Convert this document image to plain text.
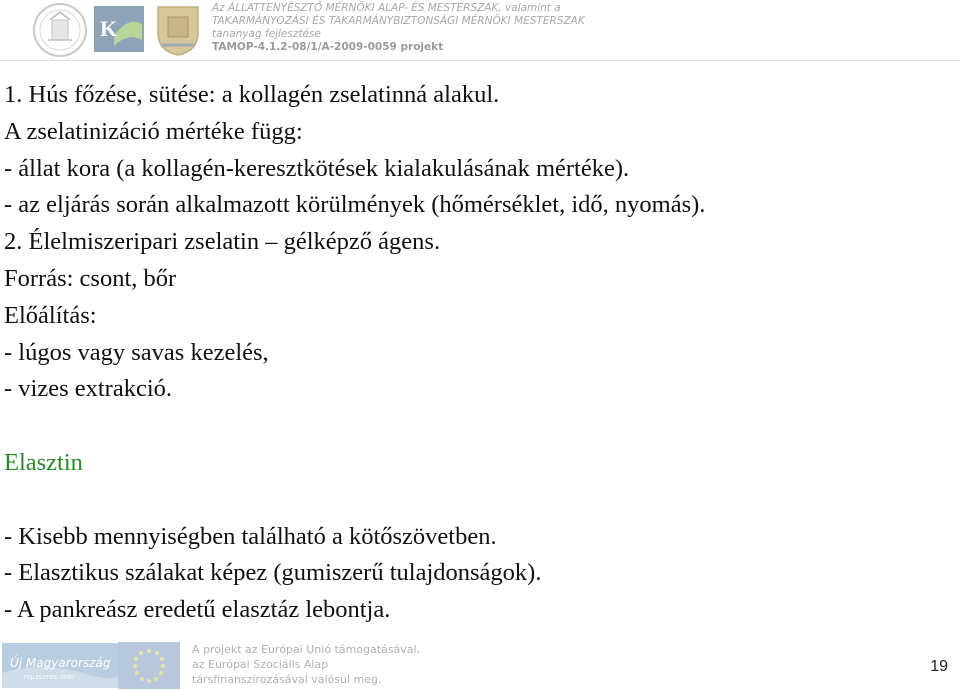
K
Az ÁLLATTENYÉSZTŐ MÉRNÖKI ALAP- ÉS MESTERSZAK, valamint a
TAKARMÁNYOZÁSI ÉS TAKARMÁNYBIZTONSÁGI MÉRNÖKI MESTERSZAK
tananyag fejlesztése
TAMOP-4.1.2-08/1/A-2009-0059 projekt
1. Hús főzése, sütése: a kollagén zselatinná alakul.
A zselatinizáció mértéke függ:
- állat kora (a kollagén-keresztkötések kialakulásának mértéke).
- az eljárás során alkalmazott körülmények (hőmérséklet, idő, nyomás).
2. Élelmiszeripari zselatin – gélképző ágens.
Forrás: csont, bőr
Előálítás:
- lúgos vagy savas kezelés,
- vizes extrakció.
Elasztin
- Kisebb mennyiségben található a kötőszövetben.
- Elasztikus szálakat képez (gumiszerű tulajdonságok).
- A pankreász eredetű elasztáz lebontja.
Új Magyarország
FEJLESZTÉSI TERV
A projekt az Európai Unió támogatásával,
az Európai Szociális Alap
társfinanszírozásával valósul meg.
19
